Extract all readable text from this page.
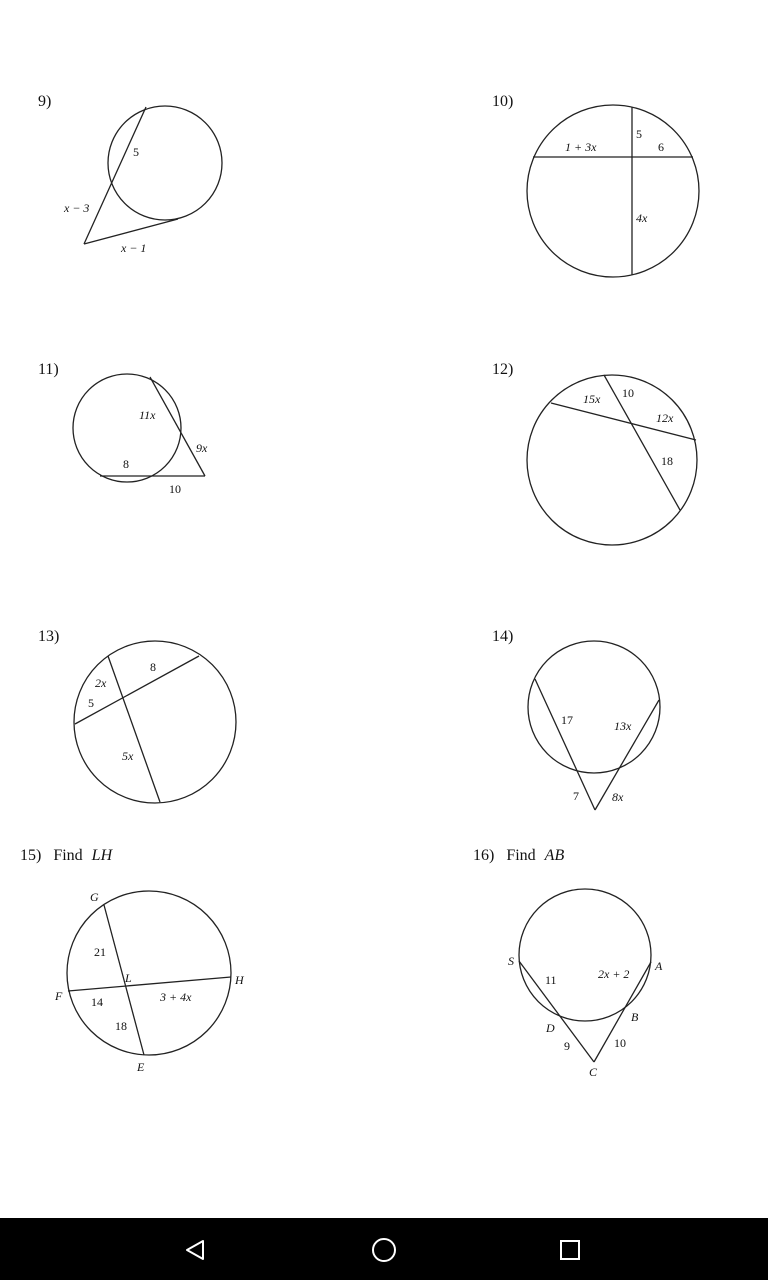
9)
5
x − 3
x − 1
10)
1 + 3x
5
6
4x
11)
11x
9x
8
10
12)
15x 10
12x
18
13)
8
2x
5
5x
14)
17	13x
7	8x
15) Find LH
G
F
L	H
E
21
14	3 + 4x
18
16) Find AB
S	A
D
B
C
11	2x + 2
9	10
